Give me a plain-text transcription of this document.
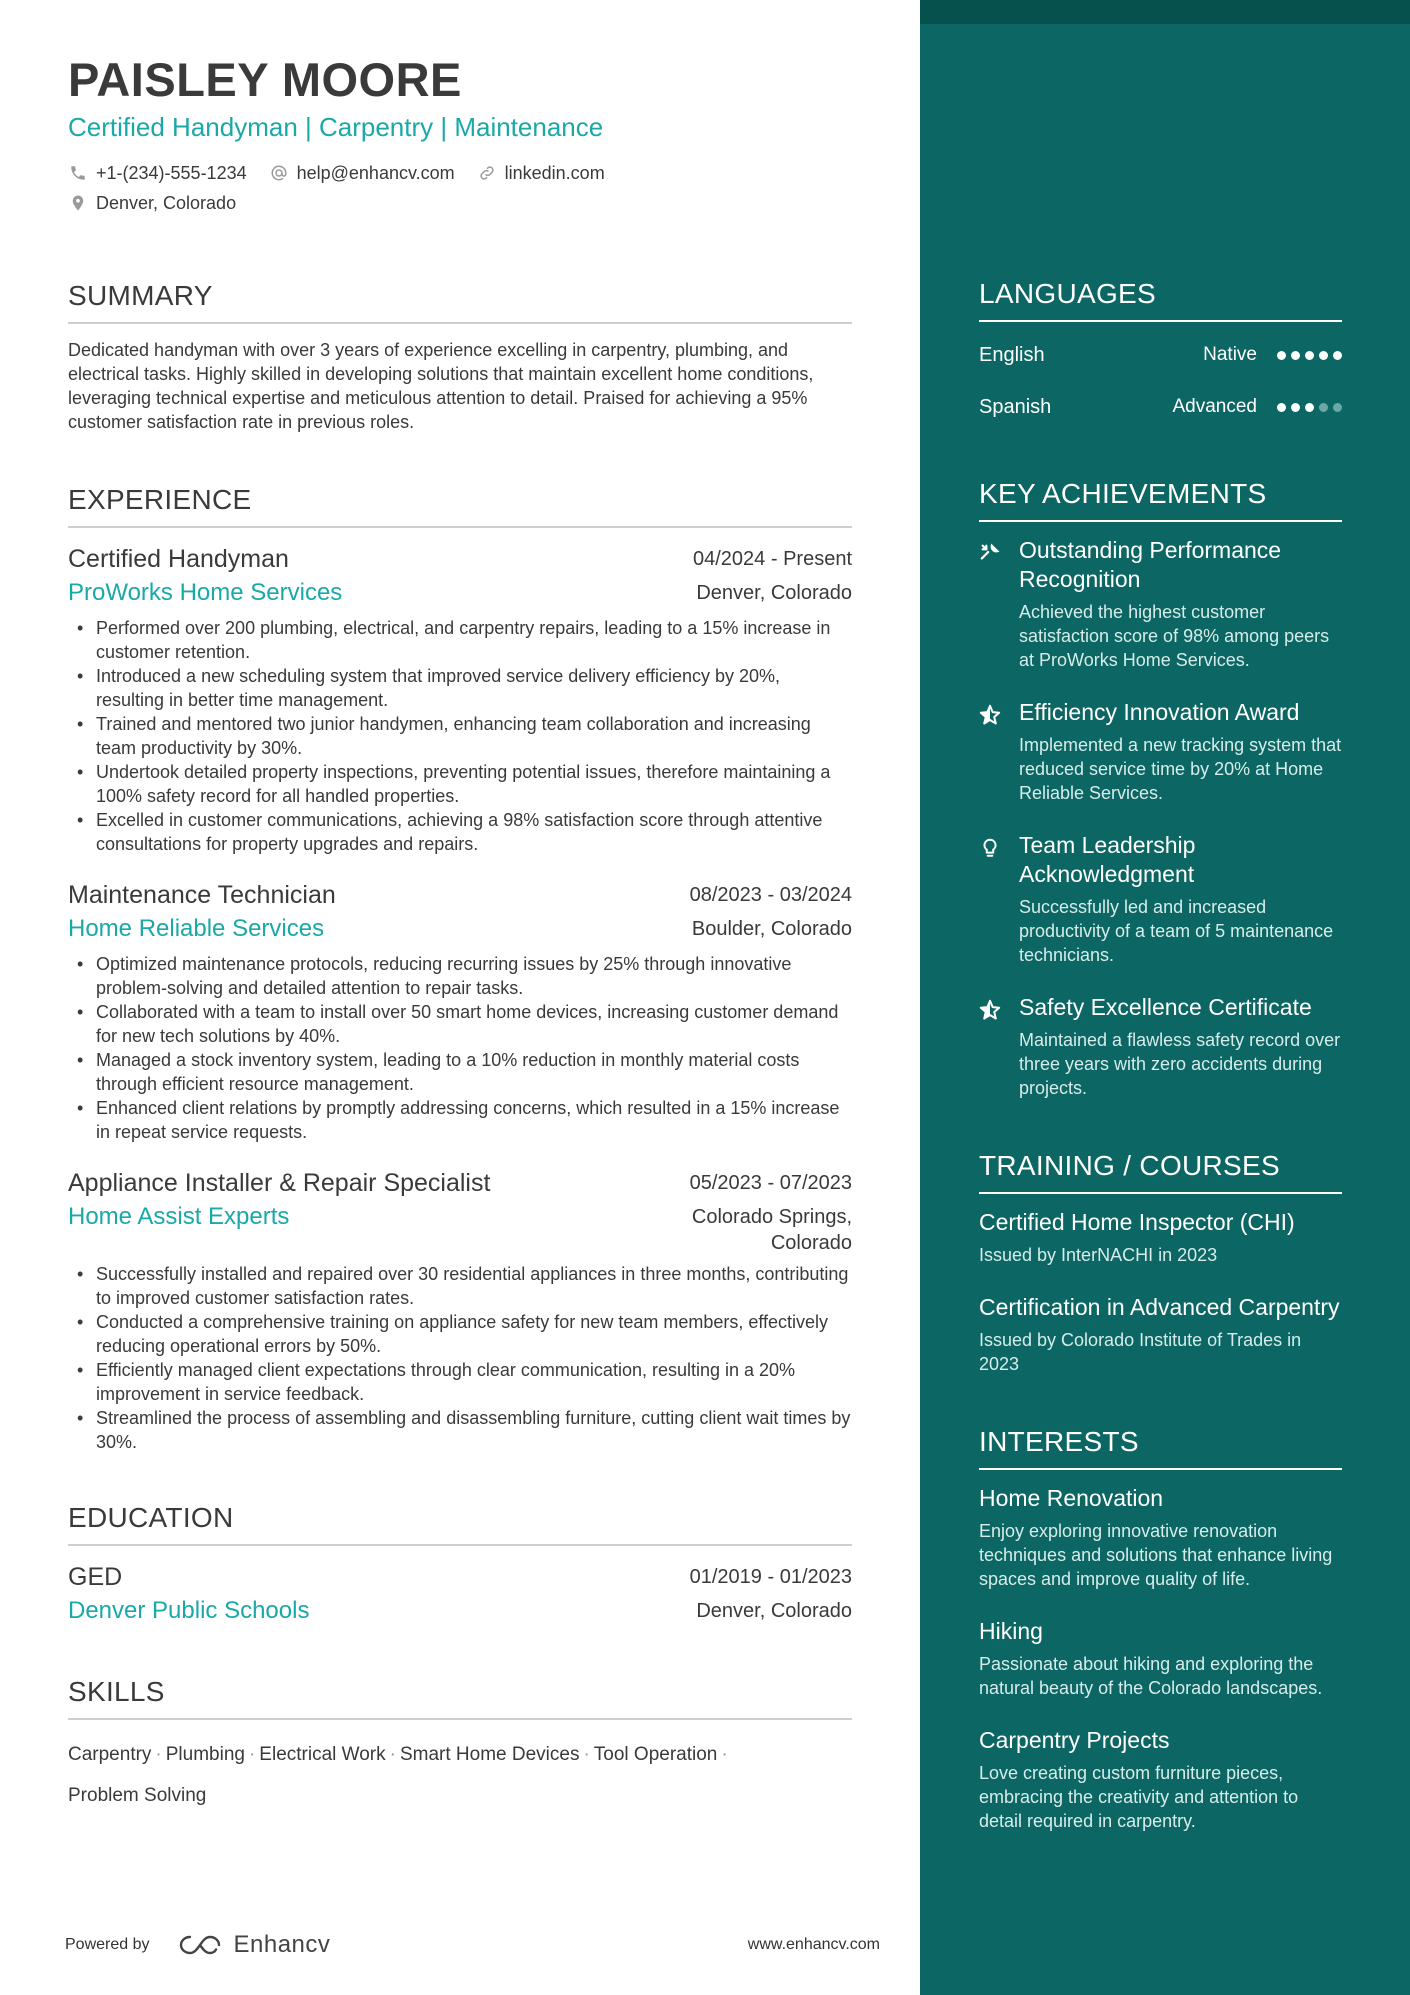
PAISLEY MOORE
Certified Handyman | Carpentry | Maintenance
+1-(234)-555-1234	help@enhancv.com	linkedin.com
Denver, Colorado
SUMMARY

Dedicated handyman with over 3 years of experience excelling in carpentry, plumbing, and electrical tasks. Highly skilled in developing solutions that maintain excellent home conditions, leveraging technical expertise and meticulous attention to detail. Praised for achieving a 95% customer satisfaction rate in previous roles.

EXPERIENCE
Certified Handyman	04/2024 - Present
ProWorks Home Services	Denver, Colorado
• Performed over 200 plumbing, electrical, and carpentry repairs, leading to a 15% increase in customer retention.
• Introduced a new scheduling system that improved service delivery efficiency by 20%, resulting in better time management.
• Trained and mentored two junior handymen, enhancing team collaboration and increasing team productivity by 30%.
• Undertook detailed property inspections, preventing potential issues, therefore maintaining a 100% safety record for all handled properties.
• Excelled in customer communications, achieving a 98% satisfaction score through attentive consultations for property upgrades and repairs.
Maintenance Technician	08/2023 - 03/2024
Home Reliable Services	Boulder, Colorado
• Optimized maintenance protocols, reducing recurring issues by 25% through innovative problem-solving and detailed attention to repair tasks.
• Collaborated with a team to install over 50 smart home devices, increasing customer demand for new tech solutions by 40%.
• Managed a stock inventory system, leading to a 10% reduction in monthly material costs through efficient resource management.
• Enhanced client relations by promptly addressing concerns, which resulted in a 15% increase in repeat service requests.
Appliance Installer & Repair Specialist	05/2023 - 07/2023
Home Assist Experts	Colorado Springs,
Colorado
• Successfully installed and repaired over 30 residential appliances in three months, contributing to improved customer satisfaction rates.
• Conducted a comprehensive training on appliance safety for new team members, effectively reducing operational errors by 50%.
• Efficiently managed client expectations through clear communication, resulting in a 20% improvement in service feedback.
• Streamlined the process of assembling and disassembling furniture, cutting client wait times by 30%.
EDUCATION
GED	01/2019 - 01/2023
Denver Public Schools	Denver, Colorado
SKILLS
Carpentry · Plumbing · Electrical Work · Smart Home Devices · Tool Operation ·
Problem Solving
Powered by	Enhancv	www.enhancv.com
LANGUAGES
English	Native
Spanish	Advanced
KEY ACHIEVEMENTS
Outstanding Performance Recognition
Achieved the highest customer satisfaction score of 98% among peers at ProWorks Home Services.
Efficiency Innovation Award
Implemented a new tracking system that reduced service time by 20% at Home Reliable Services.
Team Leadership Acknowledgment
Successfully led and increased productivity of a team of 5 maintenance technicians.
Safety Excellence Certificate
Maintained a flawless safety record over three years with zero accidents during projects.
TRAINING / COURSES
Certified Home Inspector (CHI)
Issued by InterNACHI in 2023
Certification in Advanced Carpentry
Issued by Colorado Institute of Trades in 2023
INTERESTS
Home Renovation
Enjoy exploring innovative renovation techniques and solutions that enhance living spaces and improve quality of life.
Hiking
Passionate about hiking and exploring the natural beauty of the Colorado landscapes.
Carpentry Projects
Love creating custom furniture pieces, embracing the creativity and attention to detail required in carpentry.
